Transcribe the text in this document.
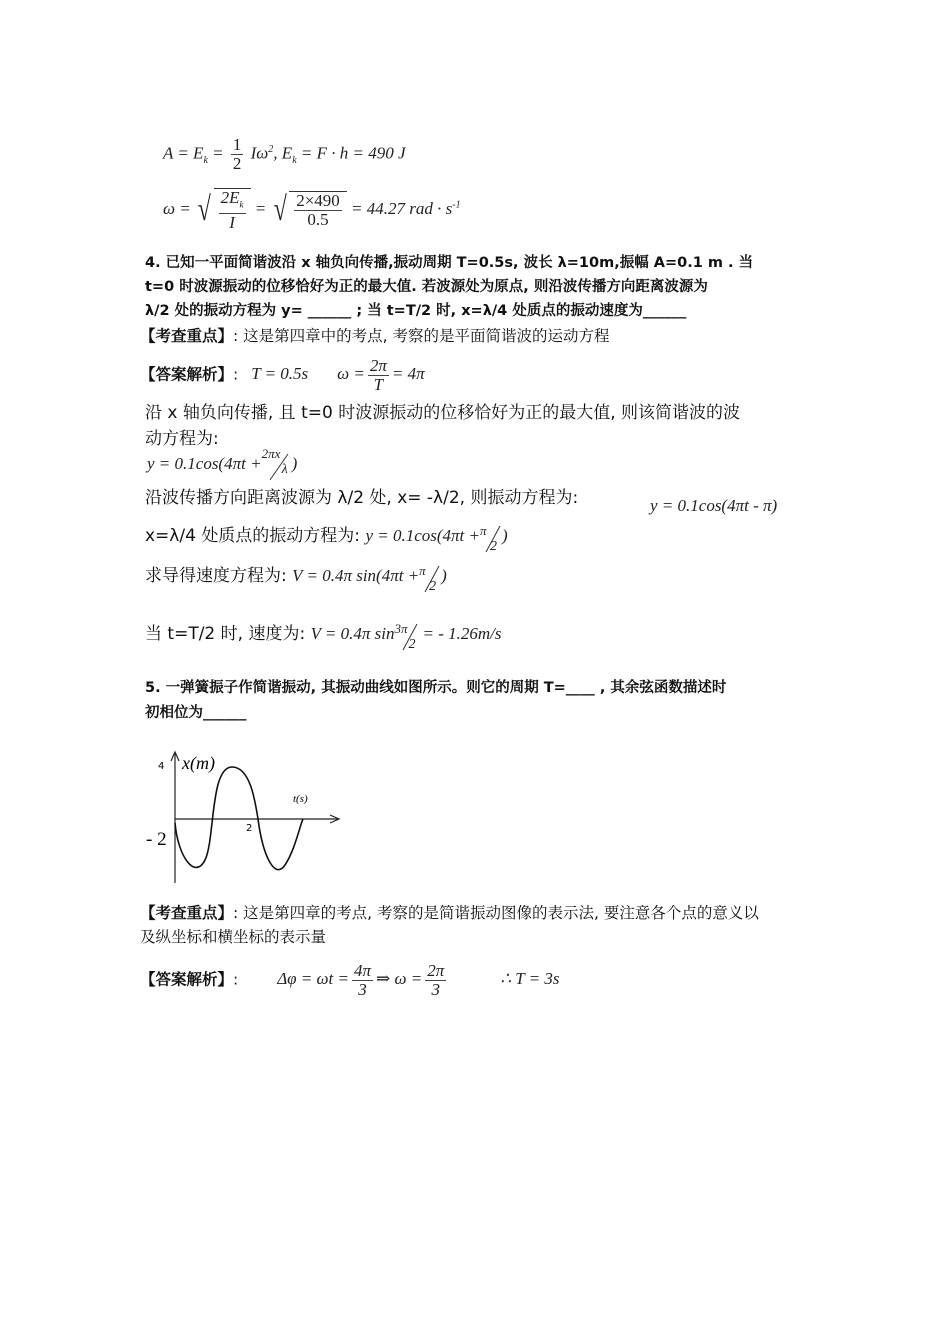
$A = E_k = \frac{1}{2} I\omega^2$, $E_k = F \cdot h = 490$ J
ω = √ $\frac{2E_k}{I}$ = √ $\frac{2\times 490}{0.5} = 44.27$ rad · $s^{-1}$
4. 已知一平面简谐波沿 x 轴负向传播,振动周期 T=0.5s, 波长 λ=10m,振幅 A=0.1 m . 当
t=0 时波源振动的位移恰好为正的最大值. 若波源处为原点, 则沿波传播方向距离波源为
λ/2 处的振动方程为 y= ______ ; 当 t=T/2 时, x=λ/4 处质点的振动速度为______
【考查重点】: 这是第四章中的考点, 考察的是平面简谐波的运动方程
【答案解析】: T = 0.5s $\omega = \frac{2\pi}{T} = 4\pi$
沿 x 轴负向传播, 且 t=0 时波源振动的位移恰好为正的最大值, 则该简谐波的波
动方程为:
y = 0.1cos(4πt +
2πx
λ )
沿波传播方向距离波源为 λ/2 处, x= -λ/2, 则振动方程为:	y = 0.1cos(4πt - π)
x=λ/4 处质点的振动方程为: y = 0.1cos(4πt + π
2
)
求导得速度方程为: V = 0.4π sin(4πt + π
2
)
当 t=T/2 时, 速度为: V = 0.4π sin 3π
2
= - 1.26m/s
5. 一弹簧振子作简谐振动, 其振动曲线如图所示。则它的周期 T=____ , 其余弦函数描述时
初相位为______
x(m)
t(s)
4
- 2
2
【考查重点】: 这是第四章的考点, 考察的是简谐振动图像的表示法, 要注意各个点的意义以
及纵坐标和横坐标的表示量
【答案解析】: $\Delta\varphi = \omega t = \frac{4\pi}{3}$ ⇒ $\omega = \frac{2\pi}{3}$	∴ T = 3s
